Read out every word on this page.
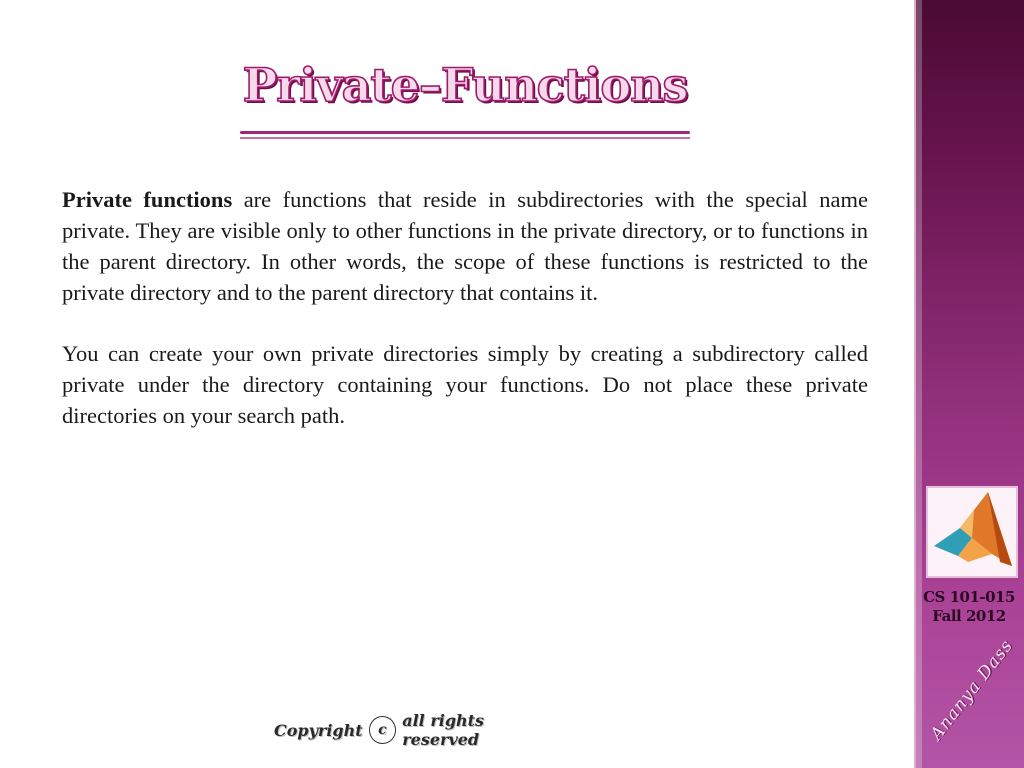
Private–Functions

Private functions are functions that reside in subdirectories with the special name private. They are visible only to other functions in the private directory, or to functions in the parent directory. In other words, the scope of these functions is restricted to the private directory and to the parent directory that contains it.

You can create your own private directories simply by creating a subdirectory called private under the directory containing your functions. Do not place these private directories on your search path.

Copyright	c all rights reserved
CS 101-015
Fall 2012
Ananya Dass
